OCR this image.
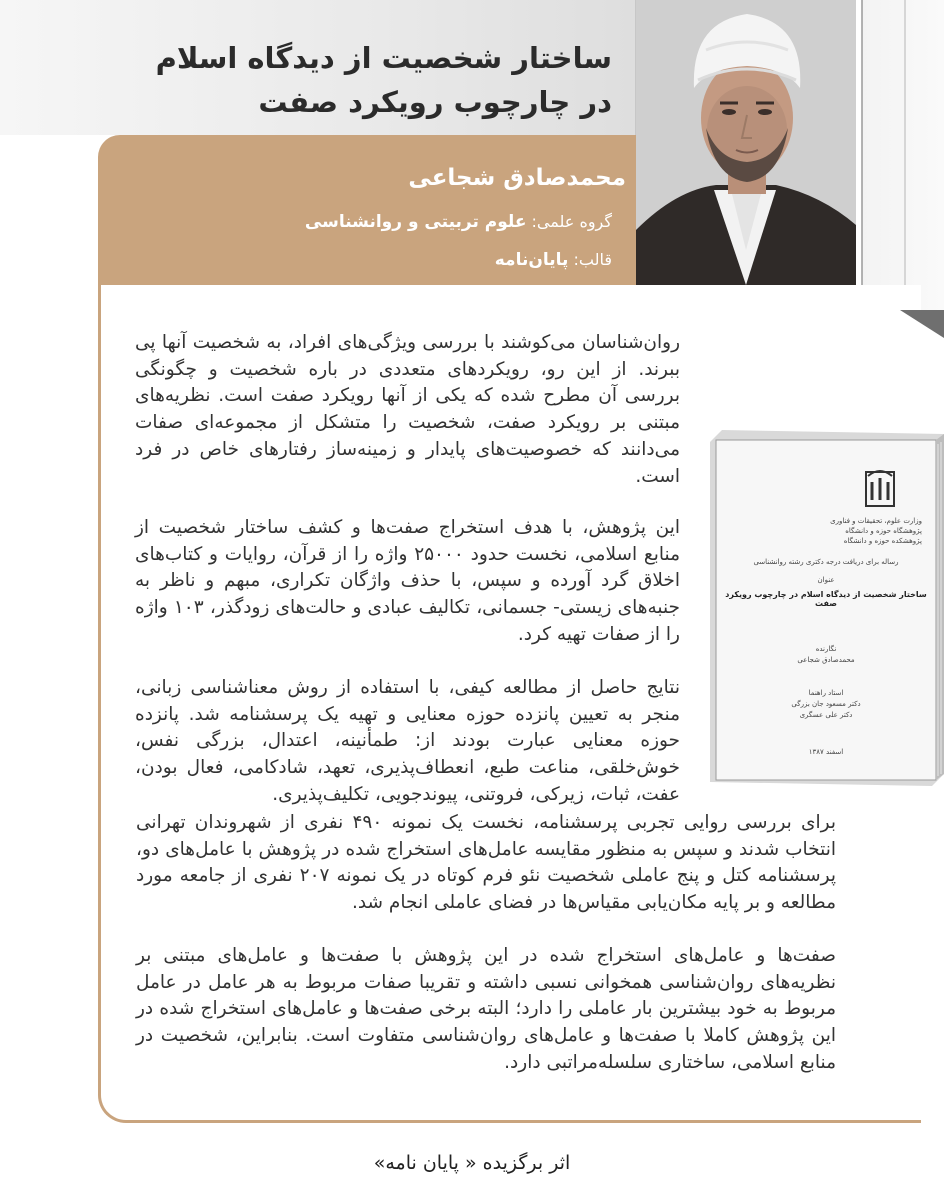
ساختار شخصیت از دیدگاه اسلام
در چارچوب رویکرد صفت
محمدصادق شجاعی
گروه علمی: علوم تربیتی و روانشناسی
قالب: پایان‌نامه
روان‌شناسان می‌کوشند با بررسی ویژگی‌های افراد، به شخصیت آنها پی ببرند. از این رو، رویکردهای متعددی در باره شخصیت و چگونگی بررسی آن مطرح شده که یکی از آنها رویکرد صفت است. نظریه‌های مبتنی بر رویکرد صفت، شخصیت را متشکل از مجموعه‌ای صفات می‌دانند که خصوصیت‌های پایدار و زمینه‌ساز رفتارهای خاص در فرد است.
این پژوهش، با هدف استخراج صفت‌ها و کشف ساختار شخصیت از منابع اسلامی، نخست حدود ۲۵۰۰۰ واژه را از قرآن، روایات و کتاب‌های اخلاق گرد آورده و سپس، با حذف واژگان تکراری، مبهم و ناظر به جنبه‌های زیستی- جسمانی، تکالیف عبادی و حالت‌های زودگذر، ۱۰۳ واژه را از صفات تهیه کرد.
نتایج حاصل از مطالعه کیفی، با استفاده از روش معناشناسی زبانی، منجر به تعیین پانزده حوزه معنایی و تهیه یک پرسشنامه شد. پانزده حوزه معنایی عبارت بودند از: طمأنینه، اعتدال، بزرگی نفس، خوش‌خلقی، مناعت طبع، انعطاف‌پذیری، تعهد، شادکامی، فعال بودن، عفت، ثبات، زیرکی، فروتنی، پیوندجویی، تکلیف‌پذیری.
برای بررسی روایی تجربی پرسشنامه، نخست یک نمونه ۴۹۰ نفری از شهروندان تهرانی انتخاب شدند و سپس به منظور مقایسه عامل‌های استخراج شده در پژوهش با عامل‌های دو، پرسشنامه کتل و پنج عاملی شخصیت نئو فرم کوتاه در یک نمونه ۲۰۷ نفری از جامعه مورد مطالعه و بر پایه مکان‌یابی مقیاس‌ها در فضای عاملی انجام شد.
صفت‌ها و عامل‌های استخراج شده در این پژوهش با صفت‌ها و عامل‌های مبتنی بر نظریه‌های روان‌شناسی همخوانی نسبی داشته و تقریبا صفات مربوط به هر عامل در عامل مربوط به خود بیشترین بار عاملی را دارد؛ البته برخی صفت‌ها و عامل‌های استخراج شده در این پژوهش کاملا با صفت‌ها و عامل‌های روان‌شناسی متفاوت است. بنابراین، شخصیت در منابع اسلامی، ساختاری سلسله‌مراتبی دارد.
وزارت علوم، تحقیقات و فناوری
پژوهشگاه حوزه و دانشگاه
پژوهشکده حوزه و دانشگاه
رساله برای دریافت درجه دکتری رشته روانشناسی
عنوان
ساختار شخصیت از دیدگاه اسلام در چارچوب رویکرد صفت
نگارنده
محمدصادق شجاعی
استاد راهنما
دکتر مسعود جان بزرگی
دکتر علی عسگری
اسفند ۱۳۸۷
اثر برگزیده « پایان نامه»
